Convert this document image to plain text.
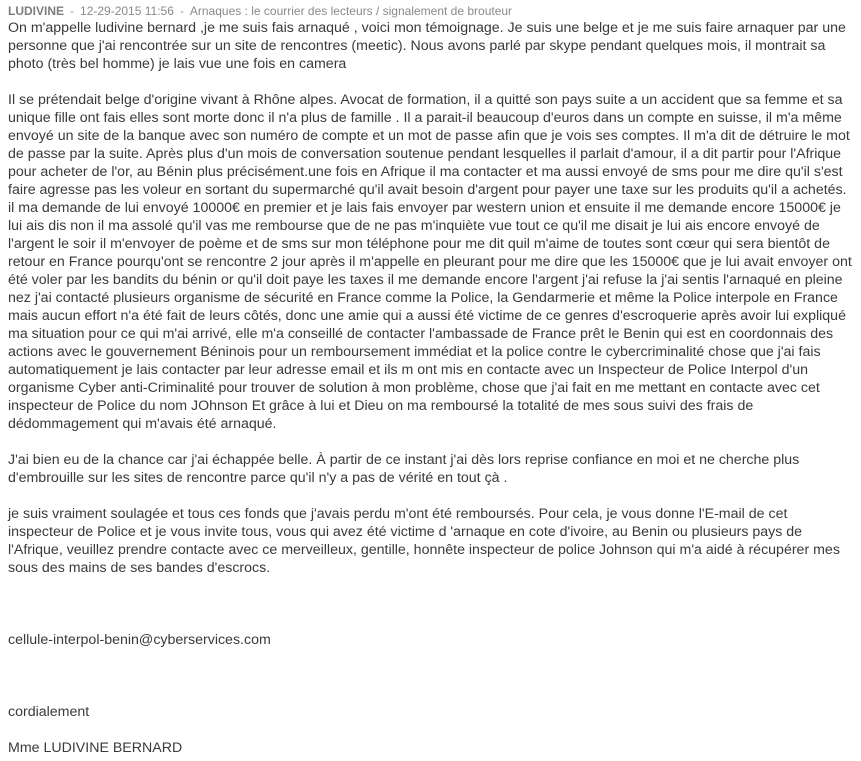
LUDIVINE - 12-29-2015 11:56 - Arnaques : le courrier des lecteurs / signalement de brouteur

On m'appelle ludivine bernard ,je me suis fais arnaqué , voici mon témoignage. Je suis une belge et je me suis faire arnaquer par une personne que j'ai rencontrée sur un site de rencontres (meetic). Nous avons parlé par skype pendant quelques mois, il montrait sa photo (très bel homme) je lais vue une fois en camera

Il se prétendait belge d'origine vivant à Rhône alpes. Avocat de formation, il a quitté son pays suite a un accident que sa femme et sa unique fille ont fais elles sont morte donc il n'a plus de famille . Il a parait-il beaucoup d'euros dans un compte en suisse, il m'a même envoyé un site de la banque avec son numéro de compte et un mot de passe afin que je vois ses comptes. Il m'a dit de détruire le mot de passe par la suite. Après plus d'un mois de conversation soutenue pendant lesquelles il parlait d'amour, il a dit partir pour l'Afrique pour acheter de l'or, au Bénin plus précisément.une fois en Afrique il ma contacter et ma aussi envoyé de sms pour me dire qu'il s'est faire agresse pas les voleur en sortant du supermarché qu'il avait besoin d'argent pour payer une taxe sur les produits qu'il a achetés. il ma demande de lui envoyé 10000€ en premier et je lais fais envoyer par western union et ensuite il me demande encore 15000€ je lui ais dis non il ma assolé qu'il vas me rembourse que de ne pas m'inquiète vue tout ce qu'il me disait je lui ais encore envoyé de l'argent le soir il m'envoyer de poème et de sms sur mon téléphone pour me dit quil m'aime de toutes sont cœur qui sera bientôt de retour en France pourqu'ont se rencontre 2 jour après il m'appelle en pleurant pour me dire que les 15000€ que je lui avait envoyer ont été voler par les bandits du bénin or qu'il doit paye les taxes il me demande encore l'argent j'ai refuse la j'ai sentis l'arnaqué en pleine nez j'ai contacté plusieurs organisme de sécurité en France comme la Police, la Gendarmerie et même la Police interpole en France mais aucun effort n'a été fait de leurs côtés, donc une amie qui a aussi été victime de ce genres d'escroquerie après avoir lui expliqué ma situation pour ce qui m'ai arrivé, elle m'a conseillé de contacter l'ambassade de France prêt le Benin qui est en coordonnais des actions avec le gouvernement Béninois pour un remboursement immédiat et la police contre le cybercriminalité chose que j'ai fais automatiquement je lais contacter par leur adresse email et ils m ont mis en contacte avec un Inspecteur de Police Interpol d'un organisme Cyber anti-Criminalité pour trouver de solution à mon problème, chose que j'ai fait en me mettant en contacte avec cet inspecteur de Police du nom JOhnson Et grâce à lui et Dieu on ma remboursé la totalité de mes sous suivi des frais de dédommagement qui m'avais été arnaqué.

J'ai bien eu de la chance car j'ai échappée belle. À partir de ce instant j'ai dès lors reprise confiance en moi et ne cherche plus d'embrouille sur les sites de rencontre parce qu'il n'y a pas de vérité en tout çà .

je suis vraiment soulagée et tous ces fonds que j'avais perdu m'ont été remboursés. Pour cela, je vous donne l'E-mail de cet inspecteur de Police et je vous invite tous, vous qui avez été victime d 'arnaque en cote d'ivoire, au Benin ou plusieurs pays de l'Afrique, veuillez prendre contacte avec ce merveilleux, gentille, honnête inspecteur de police Johnson qui m'a aidé à récupérer mes sous des mains de ses bandes d'escrocs.

cellule-interpol-benin@cyberservices.com

cordialement

Mme LUDIVINE BERNARD
